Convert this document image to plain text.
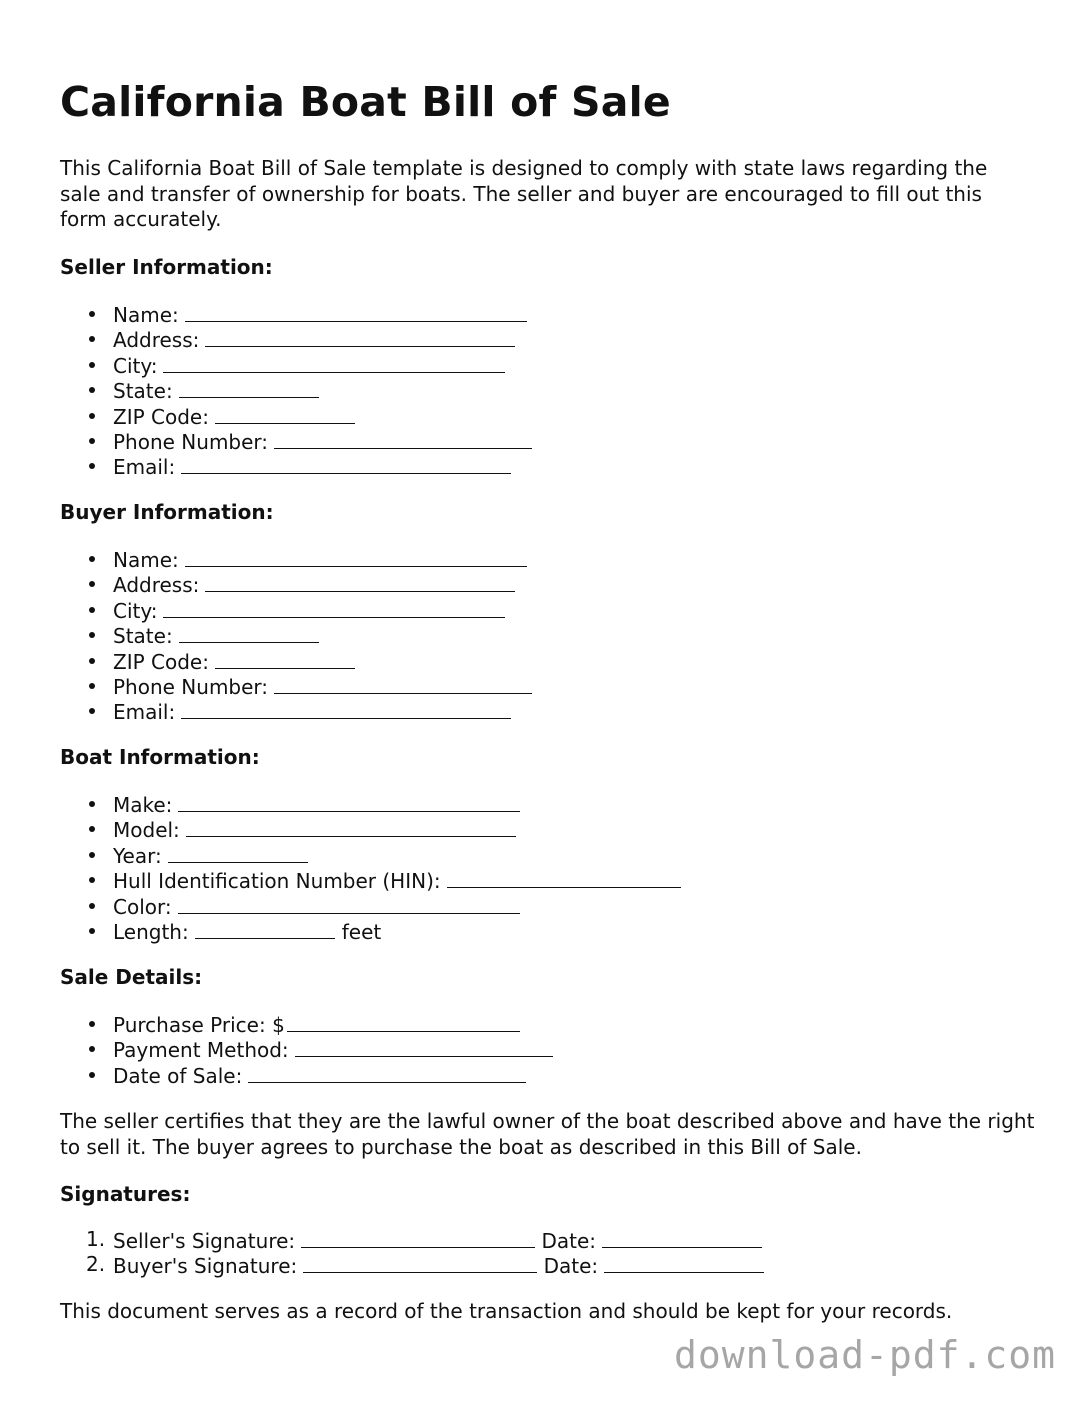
California Boat Bill of Sale

This California Boat Bill of Sale template is designed to comply with state laws regarding the sale and transfer of ownership for boats. The seller and buyer are encouraged to fill out this form accurately.

Seller Information:
Name:
Address:
City:
State:
ZIP Code:
Phone Number:
Email:
Buyer Information:
Name:
Address:
City:
State:
ZIP Code:
Phone Number:
Email:
Boat Information:
Make:
Model:
Year:
Hull Identification Number (HIN):
Color:
Length:	feet
Sale Details:
Purchase Price: $
Payment Method:
Date of Sale:

The seller certifies that they are the lawful owner of the boat described above and have the right to sell it. The buyer agrees to purchase the boat as described in this Bill of Sale.

Signatures:
1. Seller's Signature:	Date:
2. Buyer's Signature:	Date:

This document serves as a record of the transaction and should be kept for your records.

download-pdf.com
